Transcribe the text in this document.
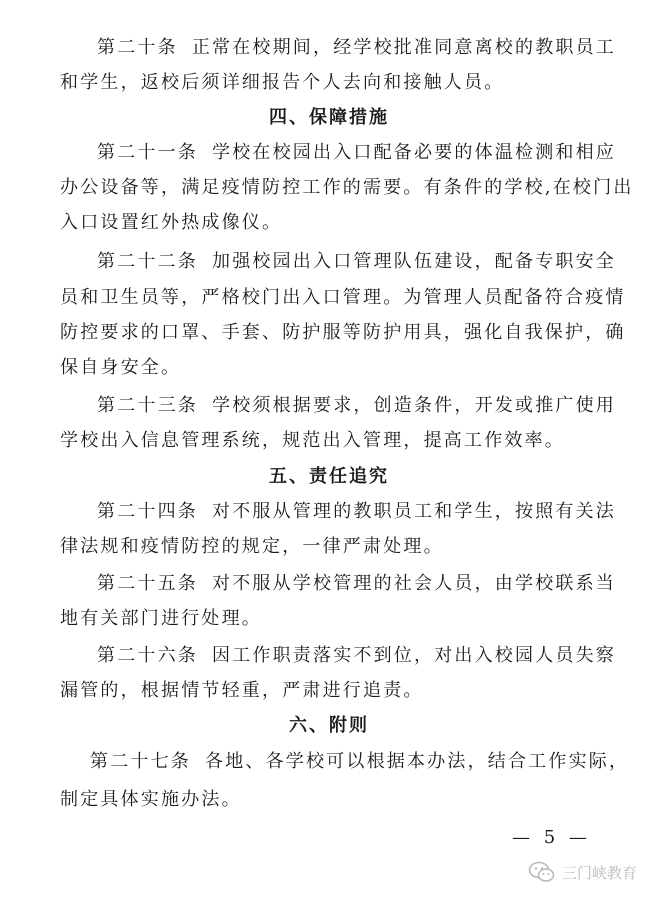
第二十条 正常在校期间，经学校批准同意离校的教职员工
和学生，返校后须详细报告个人去向和接触人员。
四、保障措施
第二十一条 学校在校园出入口配备必要的体温检测和相应
办公设备等，满足疫情防控工作的需要。有条件的学校,在校门出
入口设置红外热成像仪。
第二十二条 加强校园出入口管理队伍建设，配备专职安全
员和卫生员等，严格校门出入口管理。为管理人员配备符合疫情
防控要求的口罩、手套、防护服等防护用具，强化自我保护，确
保自身安全。
第二十三条 学校须根据要求，创造条件，开发或推广使用
学校出入信息管理系统，规范出入管理，提高工作效率。
五、责任追究
第二十四条 对不服从管理的教职员工和学生，按照有关法
律法规和疫情防控的规定，一律严肃处理。
第二十五条 对不服从学校管理的社会人员，由学校联系当
地有关部门进行处理。
第二十六条 因工作职责落实不到位，对出入校园人员失察
漏管的，根据情节轻重，严肃进行追责。
六、附则
第二十七条 各地、各学校可以根据本办法，结合工作实际，
制定具体实施办法。
— 5 —
三门峡教育
